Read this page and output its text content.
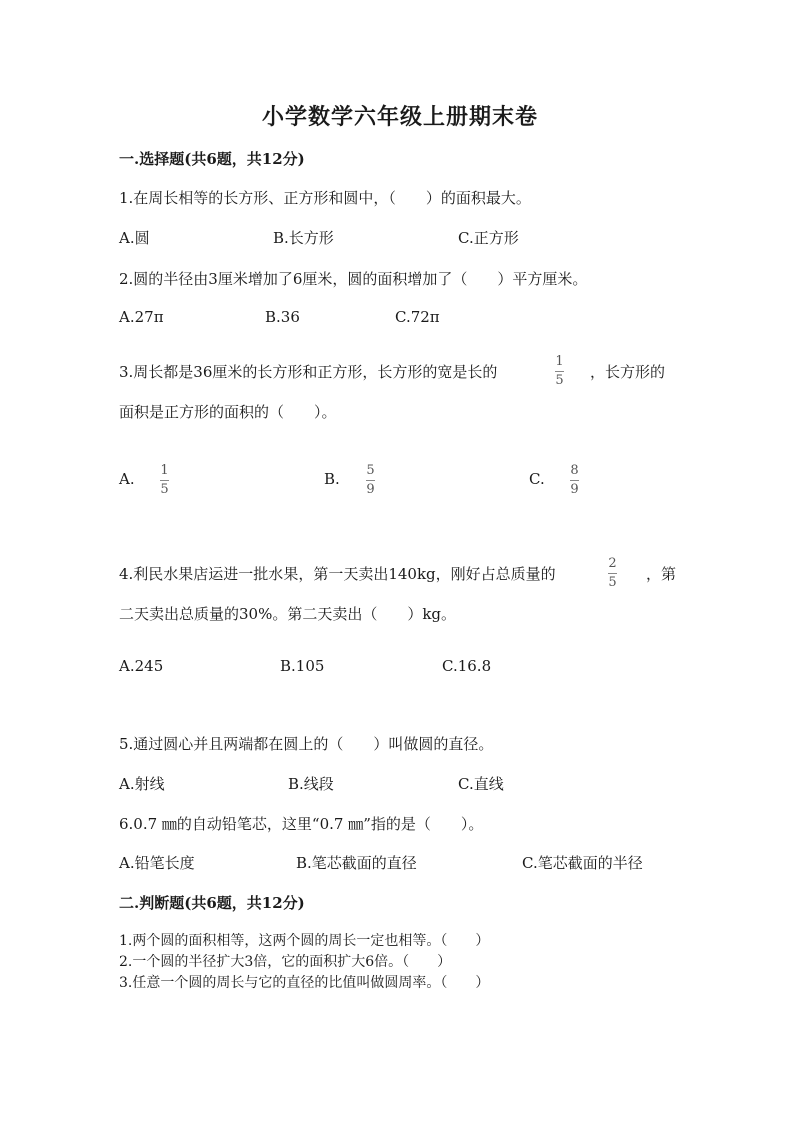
小学数学六年级上册期末卷
一.选择题(共6题，共12分)
1.在周长相等的长方形、正方形和圆中，（　　）的面积最大。
A.圆	B.长方形	C.正方形
2.圆的半径由3厘米增加了6厘米，圆的面积增加了（　　）平方厘米。
A.27π	B.36	C.72π
3.周长都是36厘米的长方形和正方形，长方形的宽是长的
1
5 ，长方形的
面积是正方形的面积的（　　）。
A. 1
5
B. 5
9
C. 8
9
4.利民水果店运进一批水果，第一天卖出140kg，刚好占总质量的
2
5 ，第
二天卖出总质量的30%。第二天卖出（　　）kg。
A.245	B.105	C.16.8
5.通过圆心并且两端都在圆上的（　　）叫做圆的直径。
A.射线	B.线段	C.直线
6.0.7 ㎜的自动铅笔芯，这里“0.7 ㎜”指的是（　　）。
A.铅笔长度	B.笔芯截面的直径	C.笔芯截面的半径
二.判断题(共6题，共12分)
1.两个圆的面积相等，这两个圆的周长一定也相等。（　　）
2.一个圆的半径扩大3倍，它的面积扩大6倍。（　　）
3.任意一个圆的周长与它的直径的比值叫做圆周率。（　　）
